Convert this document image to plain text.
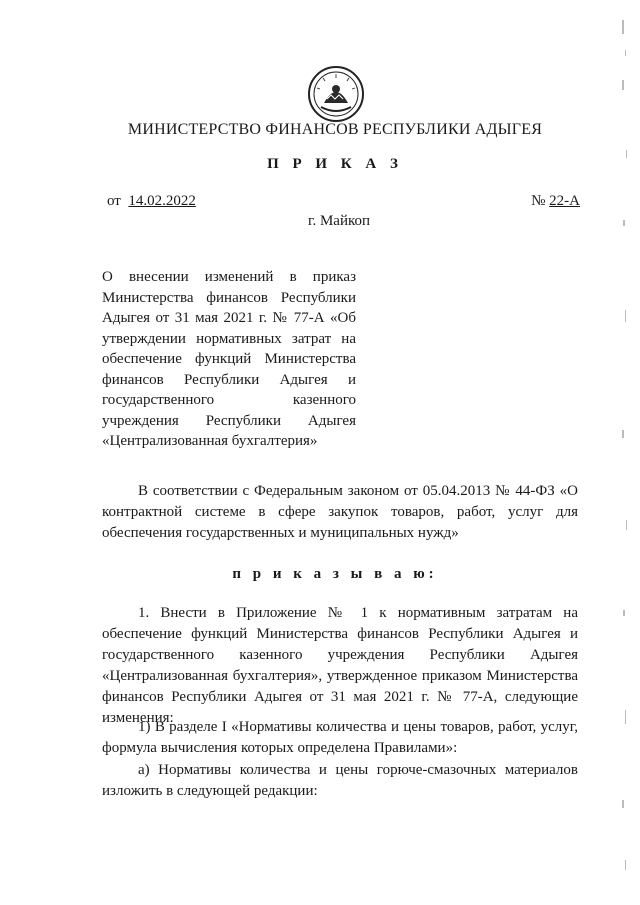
МИНИСТЕРСТВО ФИНАНСОВ РЕСПУБЛИКИ АДЫГЕЯ
П Р И К А З
от 14.02.2022	№ 22-А
г. Майкоп
О внесении изменений в приказ Министерства финансов Республики Адыгея от 31 мая 2021 г. № 77-А «Об утверждении нормативных затрат на обеспечение функций Министерства финансов Республики Адыгея и государственного казенного учреждения Республики Адыгея «Централизованная бухгалтерия»
В соответствии с Федеральным законом от 05.04.2013 № 44-ФЗ «О контрактной системе в сфере закупок товаров, работ, услуг для обеспечения государственных и муниципальных нужд»
п р и к а з ы в а ю:
1. Внести в Приложение № 1 к нормативным затратам на обеспечение функций Министерства финансов Республики Адыгея и государственного казенного учреждения Республики Адыгея «Централизованная бухгалтерия», утвержденное приказом Министерства финансов Республики Адыгея от 31 мая 2021 г. № 77-А, следующие изменения:
1) В разделе I «Нормативы количества и цены товаров, работ, услуг, формула вычисления которых определена Правилами»:
а) Нормативы количества и цены горюче-смазочных материалов изложить в следующей редакции:
